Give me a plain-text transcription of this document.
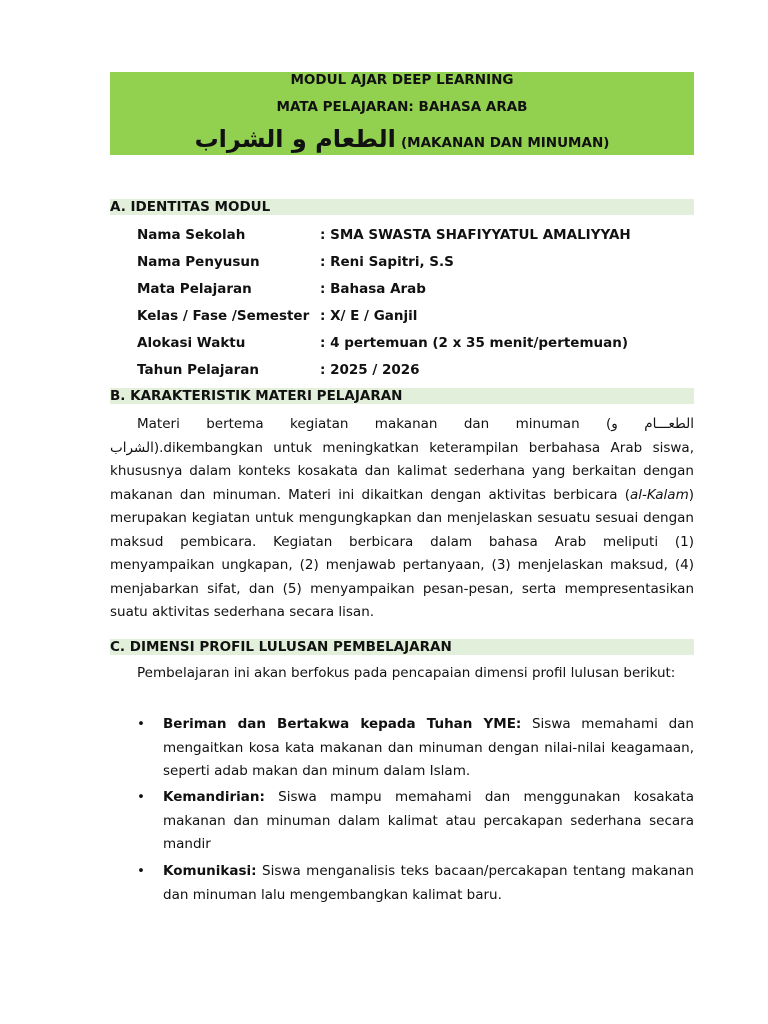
MODUL AJAR DEEP LEARNING
MATA PELAJARAN: BAHASA ARAB
الطعام و الشراب (MAKANAN DAN MINUMAN)
A. IDENTITAS MODUL
Nama Sekolah	: SMA SWASTA SHAFIYYATUL AMALIYYAH
Nama Penyusun	: Reni Sapitri, S.S
Mata Pelajaran	: Bahasa Arab
Kelas / Fase /Semester : X/ E / Ganjil
Alokasi Waktu	: 4 pertemuan (2 x 35 menit/pertemuan)
Tahun Pelajaran	: 2025 / 2026
B. KARAKTERISTIK MATERI PELAJARAN
Materi bertema kegiatan makanan dan minuman (الطعـــام و الشراب).dikembangkan untuk meningkatkan keterampilan berbahasa Arab siswa, khususnya dalam konteks kosakata dan kalimat sederhana yang berkaitan dengan makanan dan minuman. Materi ini dikaitkan dengan aktivitas berbicara (al-Kalam) merupakan kegiatan untuk mengungkapkan dan menjelaskan sesuatu sesuai dengan maksud pembicara. Kegiatan berbicara dalam bahasa Arab meliputi (1) menyampaikan ungkapan, (2) menjawab pertanyaan, (3) menjelaskan maksud, (4) menjabarkan sifat, dan (5) menyampaikan pesan-pesan, serta mempresentasikan suatu aktivitas sederhana secara lisan.
C. DIMENSI PROFIL LULUSAN PEMBELAJARAN
Pembelajaran ini akan berfokus pada pencapaian dimensi profil lulusan berikut:
• Beriman dan Bertakwa kepada Tuhan YME: Siswa memahami dan mengaitkan kosa kata makanan dan minuman dengan nilai-nilai keagamaan, seperti adab makan dan minum dalam Islam.
• Kemandirian: Siswa mampu memahami dan menggunakan kosakata makanan dan minuman dalam kalimat atau percakapan sederhana secara mandir
• Komunikasi: Siswa menganalisis teks bacaan/percakapan tentang makanan dan minuman lalu mengembangkan kalimat baru.
